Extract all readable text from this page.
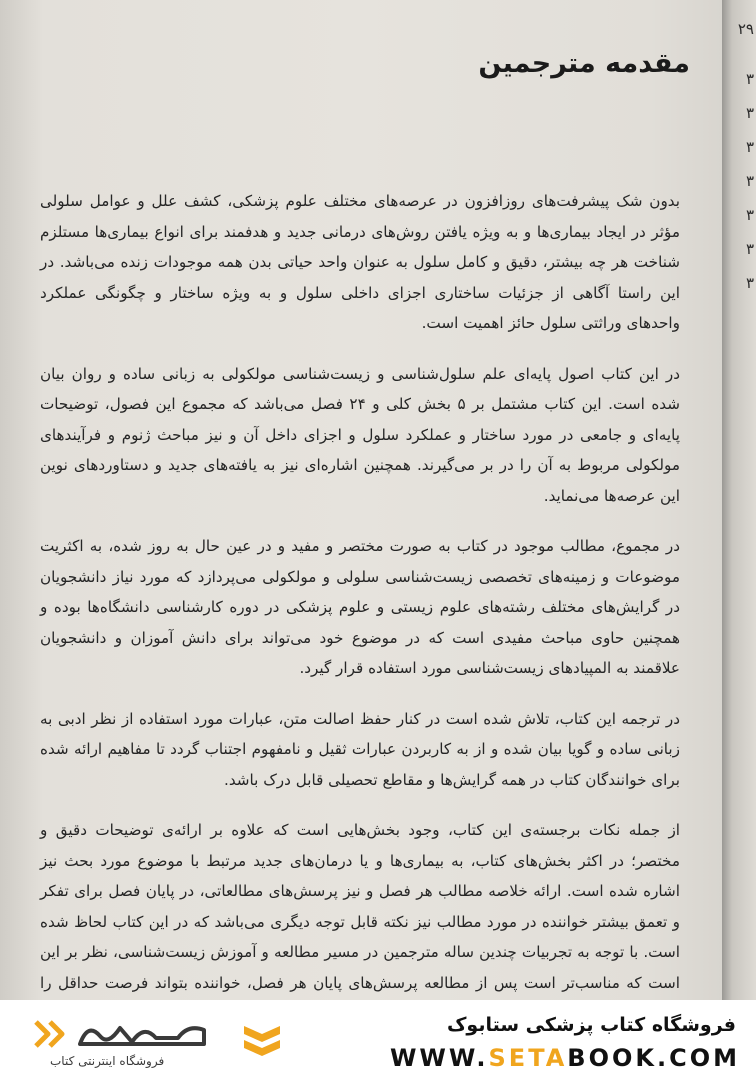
مقدمه مترجمین

بدون شک پیشرفت‌های روزافزون در عرصه‌های مختلف علوم پزشکی، کشف علل و عوامل سلولی مؤثر در ایجاد بیماری‌ها و به ویژه یافتن روش‌های درمانی جدید و هدفمند برای انواع بیماری‌ها مستلزم شناخت هر چه بیشتر، دقیق و کامل سلول به عنوان واحد حیاتی بدن همه موجودات زنده می‌باشد. در این راستا آگاهی از جزئیات ساختاری اجزای داخلی سلول و به ویژه ساختار و چگونگی عملکرد واحدهای وراثتی سلول حائز اهمیت است.

در این کتاب اصول پایه‌ای علم سلول‌شناسی و زیست‌شناسی مولکولی به زبانی ساده و روان بیان شده است. این کتاب مشتمل بر ۵ بخش کلی و ۲۴ فصل می‌باشد که مجموع این فصول، توضیحات پایه‌ای و جامعی در مورد ساختار و عملکرد سلول و اجزای داخل آن و نیز مباحث ژنوم و فرآیندهای مولکولی مربوط به آن را در بر می‌گیرند. همچنین اشاره‌ای نیز به یافته‌های جدید و دستاوردهای نوین این عرصه‌ها می‌نماید.

در مجموع، مطالب موجود در کتاب به صورت مختصر و مفید و در عین حال به روز شده، به اکثریت موضوعات و زمینه‌های تخصصی زیست‌شناسی سلولی و مولکولی می‌پردازد که مورد نیاز دانشجویان در گرایش‌های مختلف رشته‌های علوم زیستی و علوم پزشکی در دوره کارشناسی دانشگاه‌ها بوده و همچنین حاوی مباحث مفیدی است که در موضوع خود می‌تواند برای دانش آموزان و دانشجویان علاقمند به المپیادهای زیست‌شناسی مورد استفاده قرار گیرد.

در ترجمه این کتاب، تلاش شده است در کنار حفظ اصالت متن، عبارات مورد استفاده از نظر ادبی به زبانی ساده و گویا بیان شده و از به کاربردن عبارات ثقیل و نامفهوم اجتناب گردد تا مفاهیم ارائه شده برای خوانندگان کتاب در همه گرایش‌ها و مقاطع تحصیلی قابل درک باشد.

از جمله نکات برجسته‌ی این کتاب، وجود بخش‌هایی است که علاوه بر ارائه‌ی توضیحات دقیق و مختصر؛ در اکثر بخش‌های کتاب، به بیماری‌ها و یا درمان‌های جدید مرتبط با موضوع مورد بحث نیز اشاره شده است. ارائه خلاصه مطالب هر فصل و نیز پرسش‌های مطالعاتی، در پایان فصل برای تفکر و تعمق بیشتر خواننده در مورد مطالب نیز نکته قابل توجه دیگری می‌باشد که در این کتاب لحاظ شده است. با توجه به تجربیات چندین ساله مترجمین در مسیر مطالعه و آموزش زیست‌شناسی، نظر بر این است که مناسب‌تر است پس از مطالعه پرسش‌های پایان هر فصل، خواننده بتواند فرصت حداقل را

۲۹
۳
۳
۳
۳
۳
۳
۳
فروشگاه اینترنتی کتاب
فروشگاه کتاب پزشکی ستابوک
WWW.SETABOOK.COM
